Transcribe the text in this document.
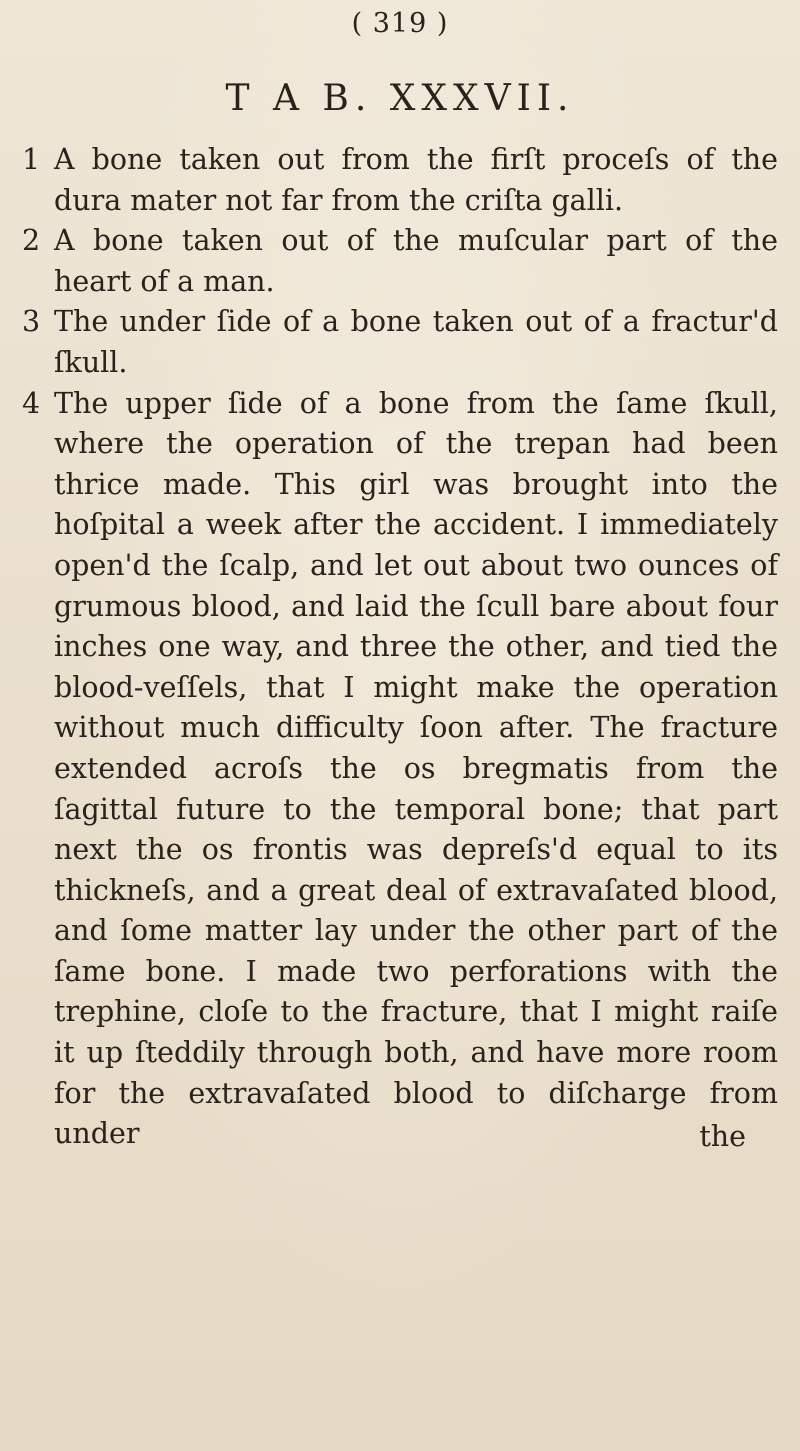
( 319 )
T A B. XXXVII.
1 A bone taken out from the firſt proceſs of the dura mater not far from the criſta galli.
2 A bone taken out of the muſcular part of the heart of a man.
3 The under ſide of a bone taken out of a fractur'd ſkull.
4 The upper ſide of a bone from the ſame ſkull, where the operation of the trepan had been thrice made. This girl was brought into the hoſpital a week after the accident. I immediately open'd the ſcalp, and let out about two ounces of grumous blood, and laid the ſcull bare about four inches one way, and three the other, and tied the blood-veſſels, that I might make the operation without much difficulty ſoon after. The fracture extended acroſs the os bregmatis from the ſagittal future to the temporal bone; that part next the os frontis was depreſs'd equal to its thickneſs, and a great deal of extravaſated blood, and ſome matter lay under the other part of the ſame bone. I made two perforations with the trephine, cloſe to the fracture, that I might raiſe it up ſteddily through both, and have more room for the extravaſated blood to diſcharge from under	the
